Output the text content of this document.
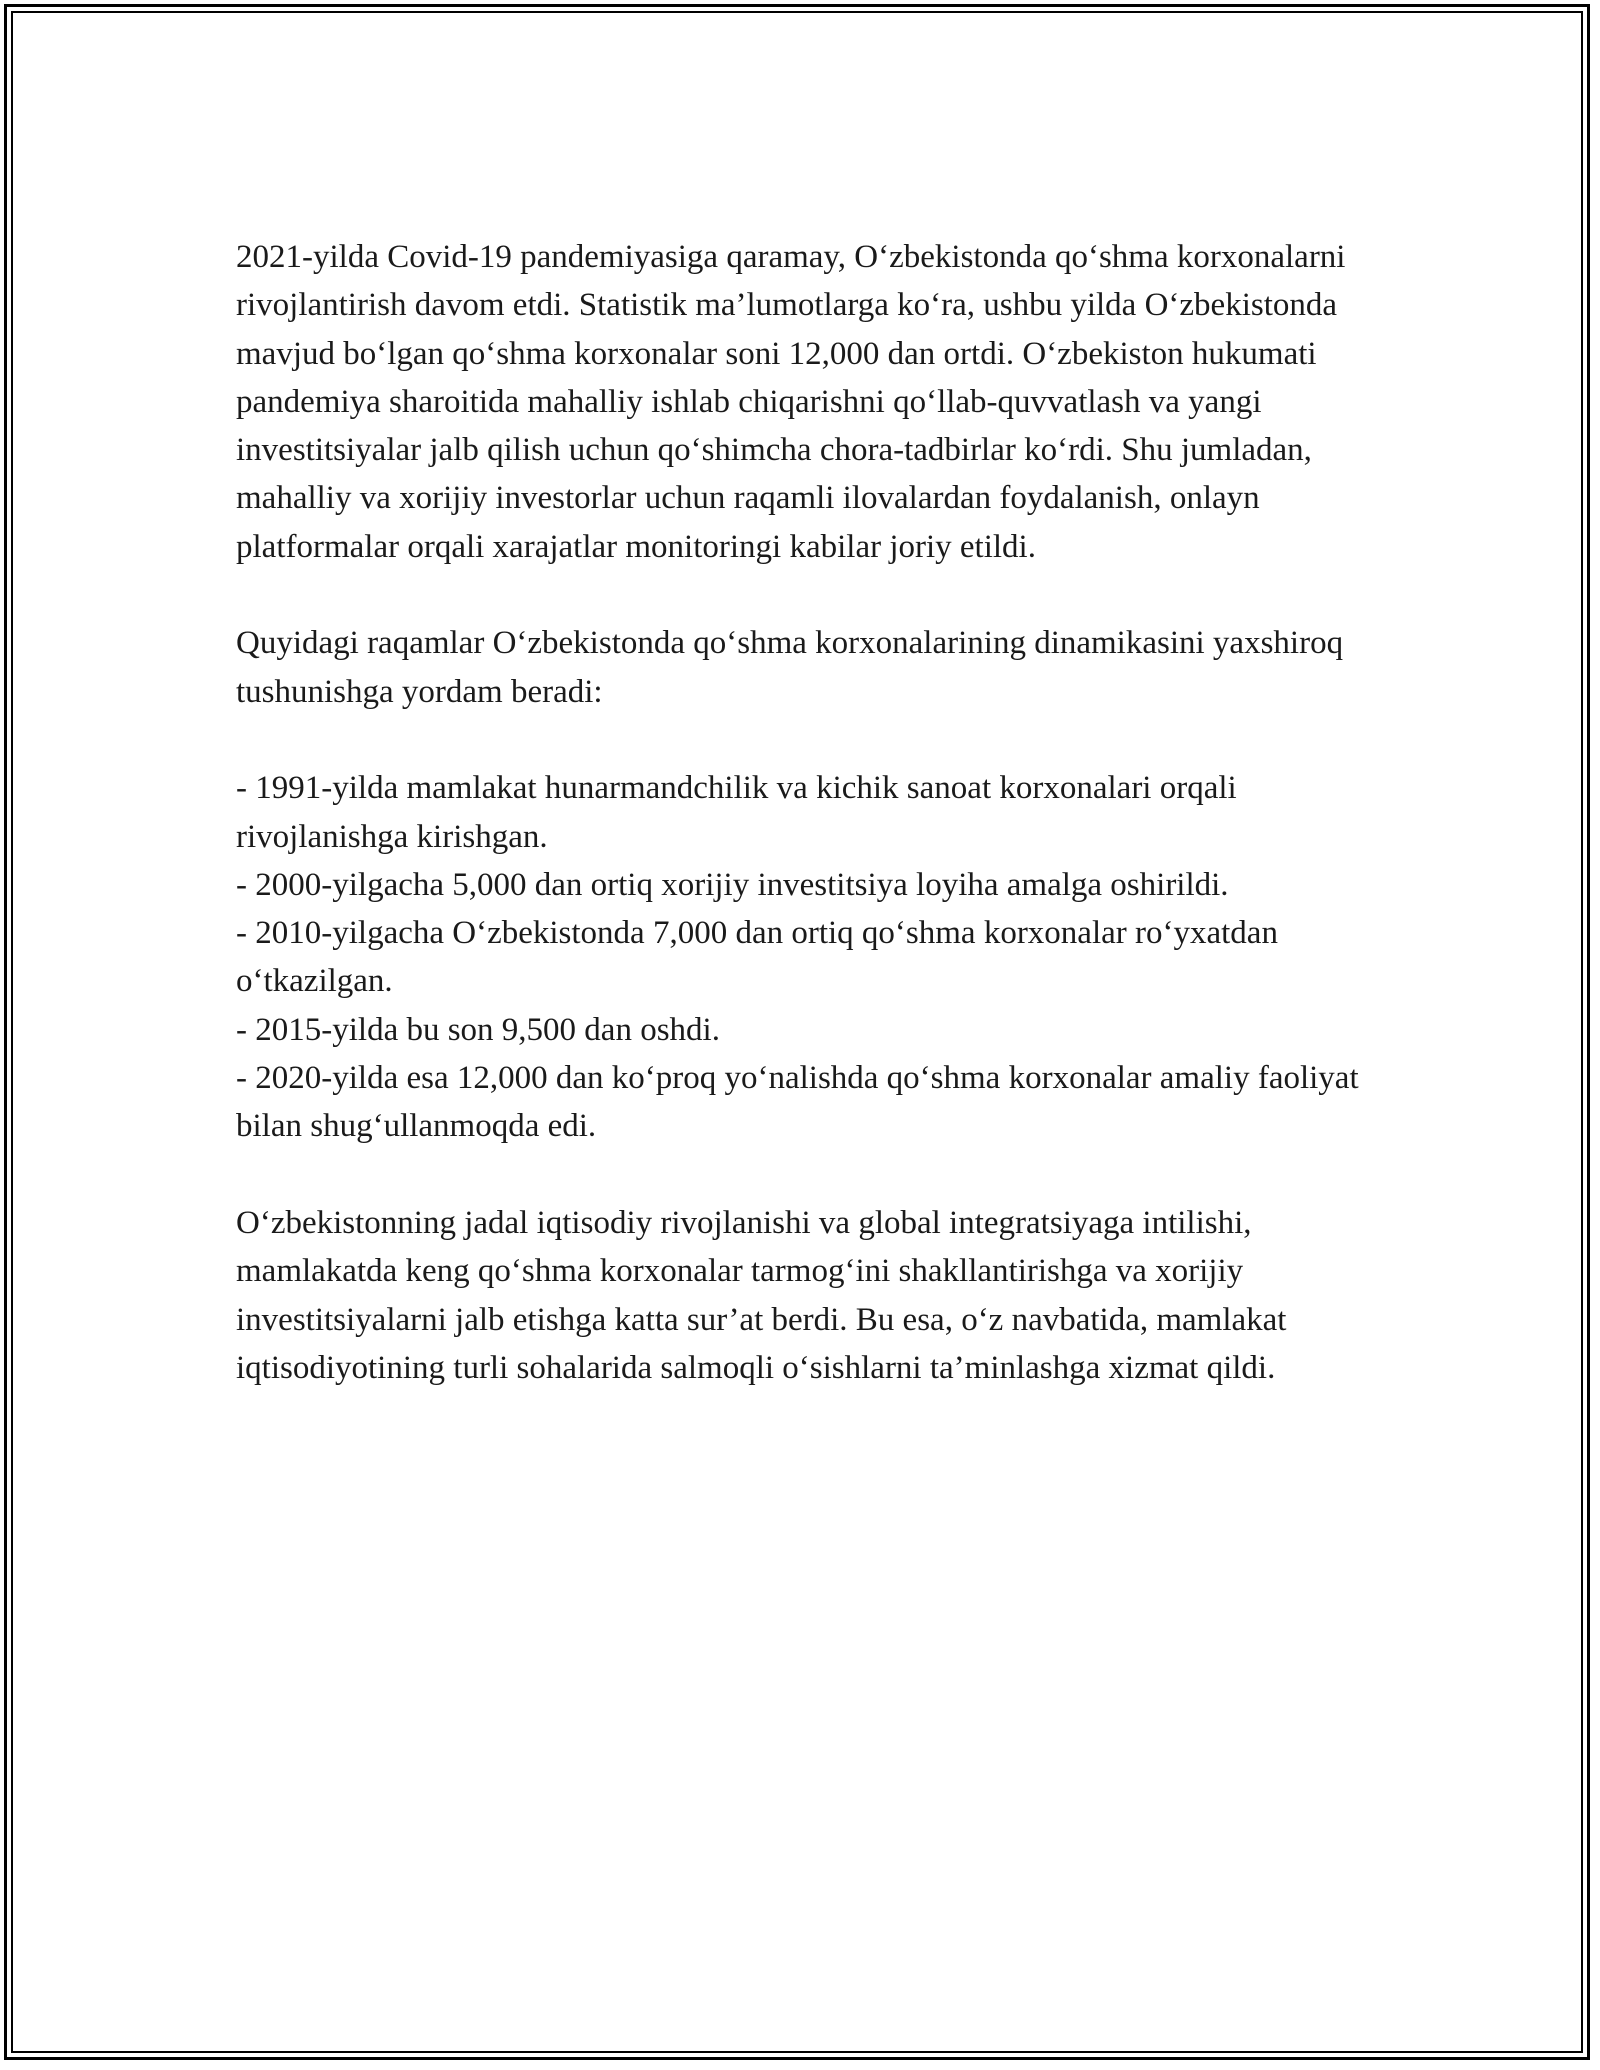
2021-yilda Covid-19 pandemiyasiga qaramay, O‘zbekistonda qo‘shma korxonalarni rivojlantirish davom etdi. Statistik ma’lumotlarga ko‘ra, ushbu yilda O‘zbekistonda mavjud bo‘lgan qo‘shma korxonalar soni 12,000 dan ortdi. O‘zbekiston hukumati pandemiya sharoitida mahalliy ishlab chiqarishni qo‘llab-quvvatlash va yangi investitsiyalar jalb qilish uchun qo‘shimcha chora-tadbirlar ko‘rdi. Shu jumladan, mahalliy va xorijiy investorlar uchun raqamli ilovalardan foydalanish, onlayn platformalar orqali xarajatlar monitoringi kabilar joriy etildi.

Quyidagi raqamlar O‘zbekistonda qo‘shma korxonalarining dinamikasini yaxshiroq tushunishga yordam beradi:

- 1991-yilda mamlakat hunarmandchilik va kichik sanoat korxonalari orqali rivojlanishga kirishgan.
- 2000-yilgacha 5,000 dan ortiq xorijiy investitsiya loyiha amalga oshirildi.
- 2010-yilgacha O‘zbekistonda 7,000 dan ortiq qo‘shma korxonalar ro‘yxatdan o‘tkazilgan.
- 2015-yilda bu son 9,500 dan oshdi.
- 2020-yilda esa 12,000 dan ko‘proq yo‘nalishda qo‘shma korxonalar amaliy faoliyat bilan shug‘ullanmoqda edi.

O‘zbekistonning jadal iqtisodiy rivojlanishi va global integratsiyaga intilishi, mamlakatda keng qo‘shma korxonalar tarmog‘ini shakllantirishga va xorijiy investitsiyalarni jalb etishga katta sur’at berdi. Bu esa, o‘z navbatida, mamlakat iqtisodiyotining turli sohalarida salmoqli o‘sishlarni ta’minlashga xizmat qildi.
